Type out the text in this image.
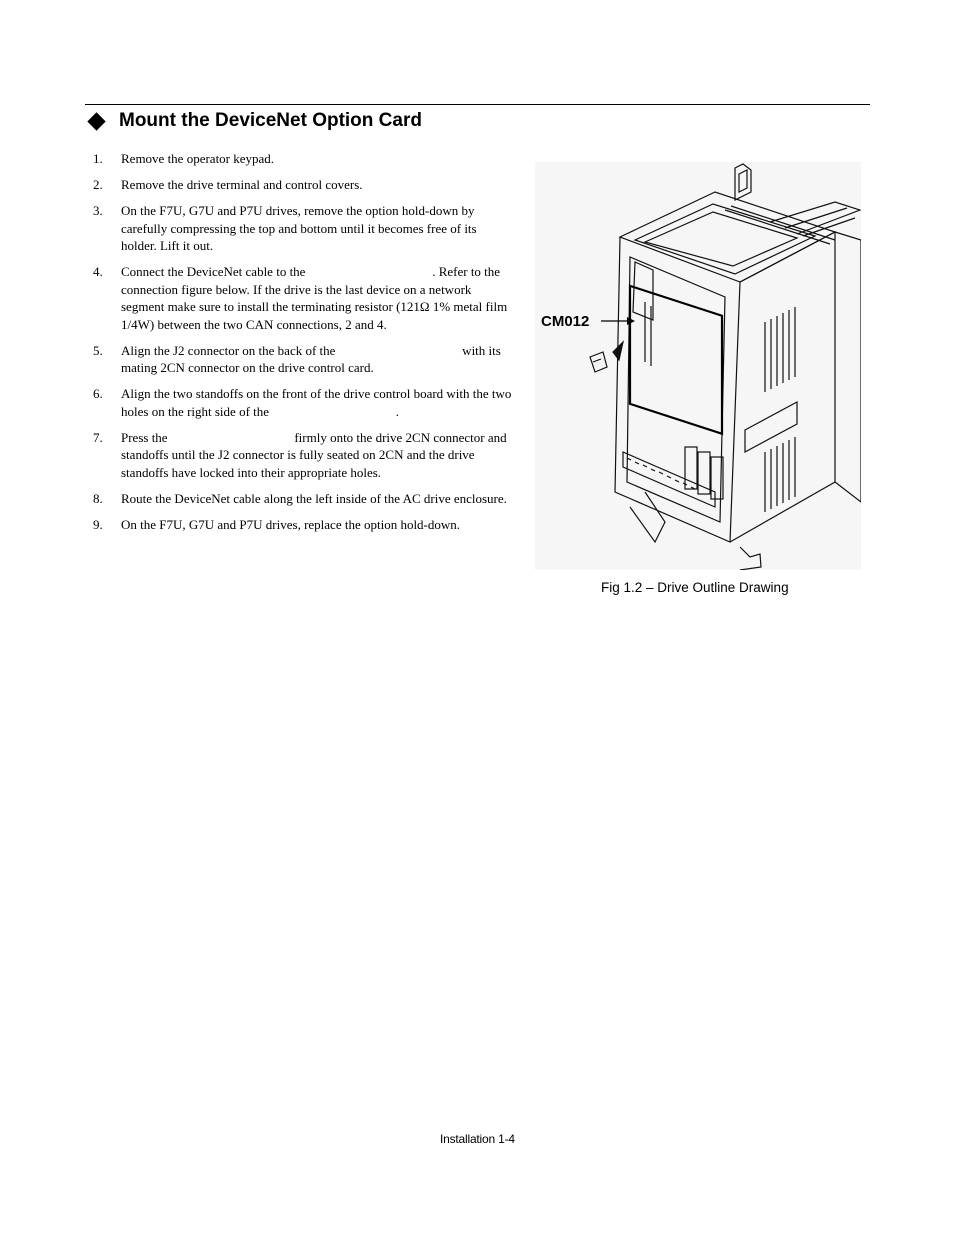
Mount the DeviceNet Option Card
1. Remove the operator keypad.
2. Remove the drive terminal and control covers.
3. On the F7U, G7U and P7U drives, remove the option hold-down by carefully compressing the top and bottom until it becomes free of its holder. Lift it out.
4. Connect the DeviceNet cable to the                                       . Refer to the connection figure below. If the drive is the last device on a network segment make sure to install the terminating resistor (121Ω 1% metal film 1/4W) between the two CAN connections, 2 and 4.
5. Align the J2 connector on the back of the                                       with its mating 2CN connector on the drive control card.
6. Align the two standoffs on the front of the drive control board with the two holes on the right side of the                                       .
7. Press the                                       firmly onto the drive 2CN connector and standoffs until the J2 connector is fully seated on 2CN and the drive standoffs have locked into their appropriate holes.
8. Route the DeviceNet cable along the left inside of the AC drive enclosure.
9. On the F7U, G7U and P7U drives, replace the option hold-down.
CM012
Fig 1.2 – Drive Outline Drawing
Installation 1-4
